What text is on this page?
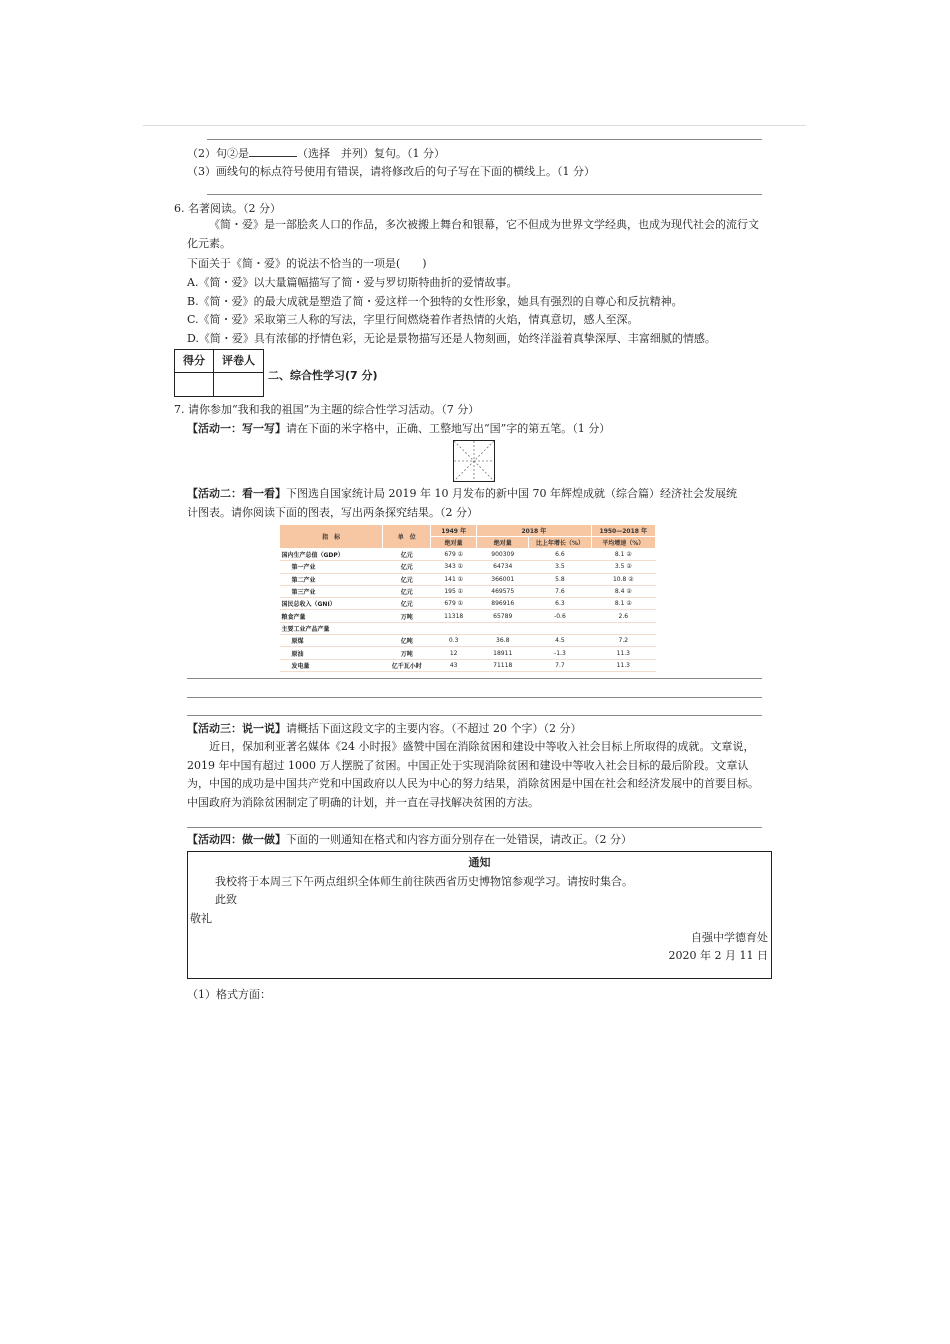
（2）句②是	（选择　并列）复句。（1 分）
（3）画线句的标点符号使用有错误，请将修改后的句子写在下面的横线上。（1 分）
6. 名著阅读。（2 分）
《简・爱》是一部脍炙人口的作品，多次被搬上舞台和银幕，它不但成为世界文学经典，也成为现代社会的流行文化元素。
下面关于《简・爱》的说法不恰当的一项是(　　)
A.《简・爱》以大量篇幅描写了简・爱与罗切斯特曲折的爱情故事。
B.《简・爱》的最大成就是塑造了简・爱这样一个独特的女性形象，她具有强烈的自尊心和反抗精神。
C.《简・爱》采取第三人称的写法，字里行间燃烧着作者热情的火焰，情真意切，感人至深。
D.《简・爱》具有浓郁的抒情色彩，无论是景物描写还是人物刻画，始终洋溢着真挚深厚、丰富细腻的情感。
得分	评卷人
二、综合性学习(7 分)
7. 请你参加“我和我的祖国”为主题的综合性学习活动。（7 分）
【活动一：写一写】请在下面的米字格中，正确、工整地写出“国”字的第五笔。（1 分）
【活动二：看一看】下图选自国家统计局 2019 年 10 月发布的新中国 70 年辉煌成就（综合篇）经济社会发展统
计图表。请你阅读下面的图表，写出两条探究结果。（2 分）
指　标	单　位	1949 年	2018 年		1950—2018 年
		绝对量	绝对量	比上年增长（%）	平均增速（%）
国内生产总值（GDP）	亿元	679 ①	900309	6.6	8.1 ②
第一产业	亿元	343 ①	64734	3.5	3.5 ②
第二产业	亿元	141 ①	366001	5.8	10.8 ②
第三产业	亿元	195 ①	469575	7.6	8.4 ②
国民总收入（GNI）	亿元	679 ①	896916	6.3	8.1 ②
粮食产量	万吨	11318	65789	-0.6	2.6
主要工业产品产量					
原煤	亿吨	0.3	36.8	4.5	7.2
原油	万吨	12	18911	-1.3	11.3
发电量	亿千瓦小时	43	71118	7.7	11.3
【活动三：说一说】请概括下面这段文字的主要内容。（不超过 20 个字）（2 分）
近日，保加利亚著名媒体《24 小时报》盛赞中国在消除贫困和建设中等收入社会目标上所取得的成就。文章说，2019 年中国有超过 1000 万人摆脱了贫困。中国正处于实现消除贫困和建设中等收入社会目标的最后阶段。文章认为，中国的成功是中国共产党和中国政府以人民为中心的努力结果，消除贫困是中国在社会和经济发展中的首要目标。中国政府为消除贫困制定了明确的计划，并一直在寻找解决贫困的方法。
【活动四：做一做】下面的一则通知在格式和内容方面分别存在一处错误，请改正。（2 分）
通知
我校将于本周三下午两点组织全体师生前往陕西省历史博物馆参观学习。请按时集合。
此致
敬礼
自强中学德育处
2020 年 2 月 11 日
（1）格式方面：
